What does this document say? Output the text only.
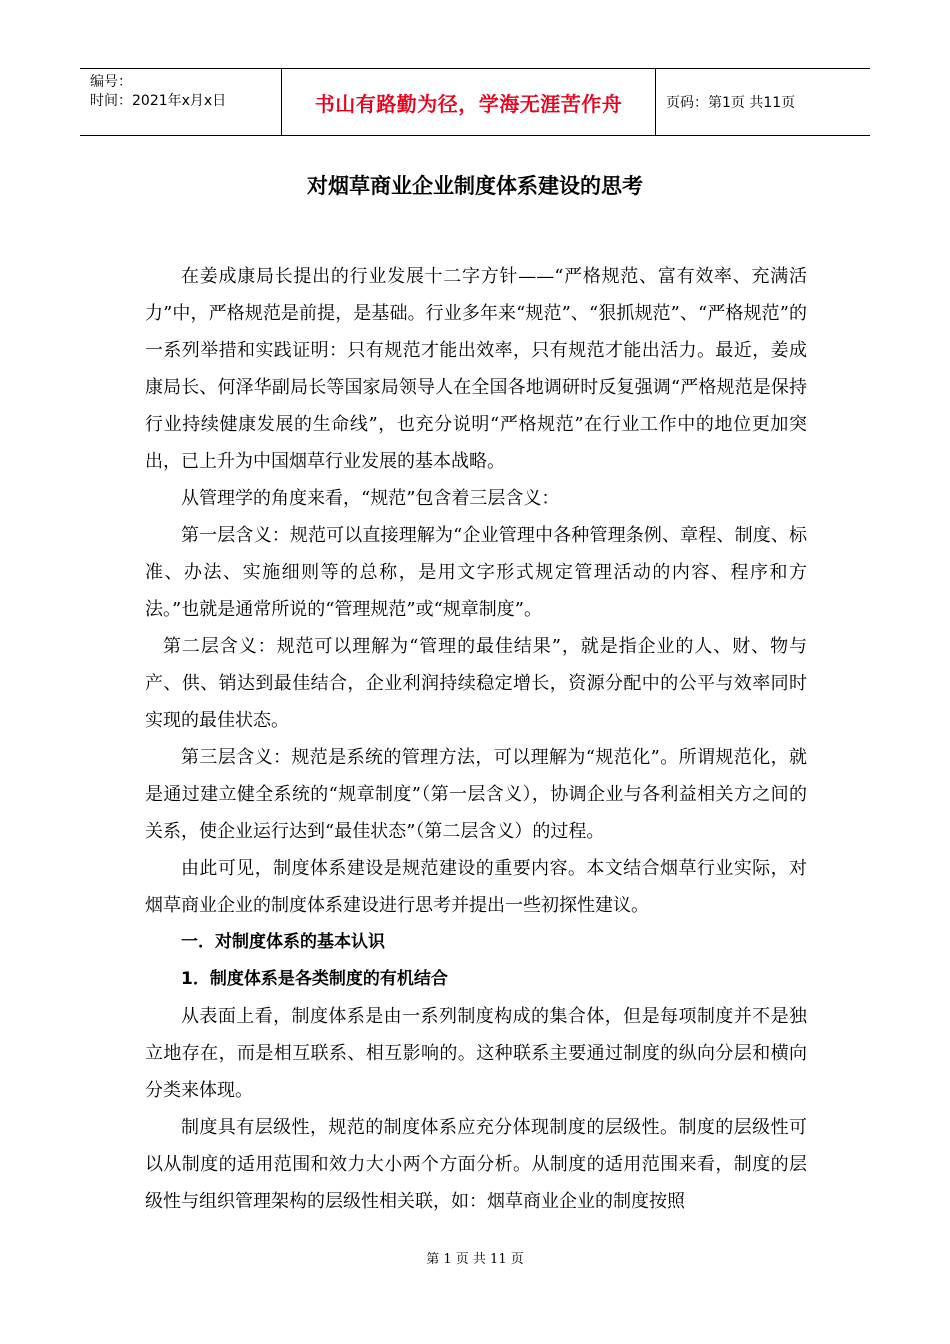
编号：
时间：2021年x月x日	书山有路勤为径，学海无涯苦作舟	页码：第1页 共11页
对烟草商业企业制度体系建设的思考

在姜成康局长提出的行业发展十二字方针——“严格规范、富有效率、充满活力”中，严格规范是前提，是基础。行业多年来“规范”、“狠抓规范”、“严格规范”的一系列举措和实践证明：只有规范才能出效率，只有规范才能出活力。最近，姜成康局长、何泽华副局长等国家局领导人在全国各地调研时反复强调“严格规范是保持行业持续健康发展的生命线”，也充分说明“严格规范”在行业工作中的地位更加突出，已上升为中国烟草行业发展的基本战略。

从管理学的角度来看，“规范”包含着三层含义：

第一层含义：规范可以直接理解为“企业管理中各种管理条例、章程、制度、标准、办法、实施细则等的总称，是用文字形式规定管理活动的内容、程序和方法。”也就是通常所说的“管理规范”或“规章制度”。

第二层含义：规范可以理解为“管理的最佳结果”，就是指企业的人、财、物与产、供、销达到最佳结合，企业利润持续稳定增长，资源分配中的公平与效率同时实现的最佳状态。

第三层含义：规范是系统的管理方法，可以理解为“规范化”。所谓规范化，就是通过建立健全系统的“规章制度”（第一层含义），协调企业与各利益相关方之间的关系，使企业运行达到“最佳状态”（第二层含义）的过程。

由此可见，制度体系建设是规范建设的重要内容。本文结合烟草行业实际，对烟草商业企业的制度体系建设进行思考并提出一些初探性建议。

一．对制度体系的基本认识

1．制度体系是各类制度的有机结合

从表面上看，制度体系是由一系列制度构成的集合体，但是每项制度并不是独立地存在，而是相互联系、相互影响的。这种联系主要通过制度的纵向分层和横向分类来体现。

制度具有层级性，规范的制度体系应充分体现制度的层级性。制度的层级性可以从制度的适用范围和效力大小两个方面分析。从制度的适用范围来看，制度的层级性与组织管理架构的层级性相关联，如：烟草商业企业的制度按照

第 1 页 共 11 页
